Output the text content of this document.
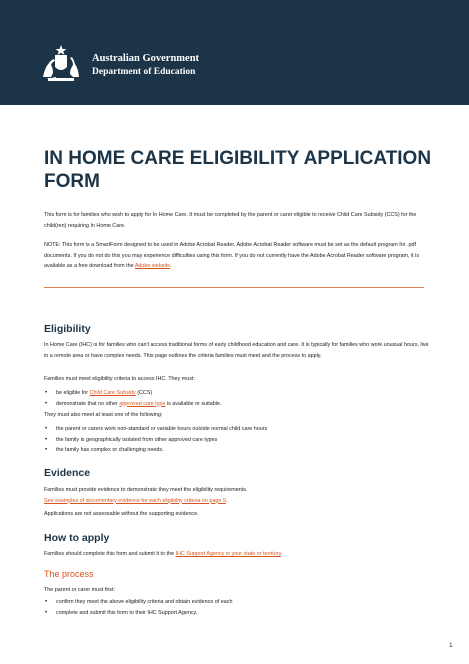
Australian Government
Department of Education
IN HOME CARE ELIGIBILITY APPLICATION FORM

This form is for families who wish to apply for In Home Care. It must be completed by the parent or carer eligible to receive Child Care Subsidy (CCS) for the child(ren) requiring In Home Care.

NOTE: This form is a SmartForm designed to be used in Adobe Acrobat Reader. Adobe Acrobat Reader software must be set as the default program for .pdf documents. If you do not do this you may experience difficulties using this form. If you do not currently have the Adobe Acrobat Reader software program, it is available as a free download from the Adobe website.

Eligibility

In Home Care (IHC) is for families who can't access traditional forms of early childhood education and care. It is typically for families who work unusual hours, live in a remote area or have complex needs. This page outlines the criteria families must meet and the process to apply.

Families must meet eligibility criteria to access IHC. They must:

• be eligible for Child Care Subsidy (CCS)
• demonstrate that no other approved care type is available or suitable.

They must also meet at least one of the following:

• the parent or carers work non-standard or variable hours outside normal child care hours
• the family is geographically isolated from other approved care types
• the family has complex or challenging needs.
Evidence

Families must provide evidence to demonstrate they meet the eligibility requirements.
See examples of documentary evidence for each eligibility criteria on page 9.

Applications are not assessable without the supporting evidence.

How to apply

Families should complete this form and submit it to the IHC Support Agency in your state or territory.

The process

The parent or carer must first:

• confirm they meet the above eligibility criteria and obtain evidence of each
• complete and submit this form to their IHC Support Agency.
1
